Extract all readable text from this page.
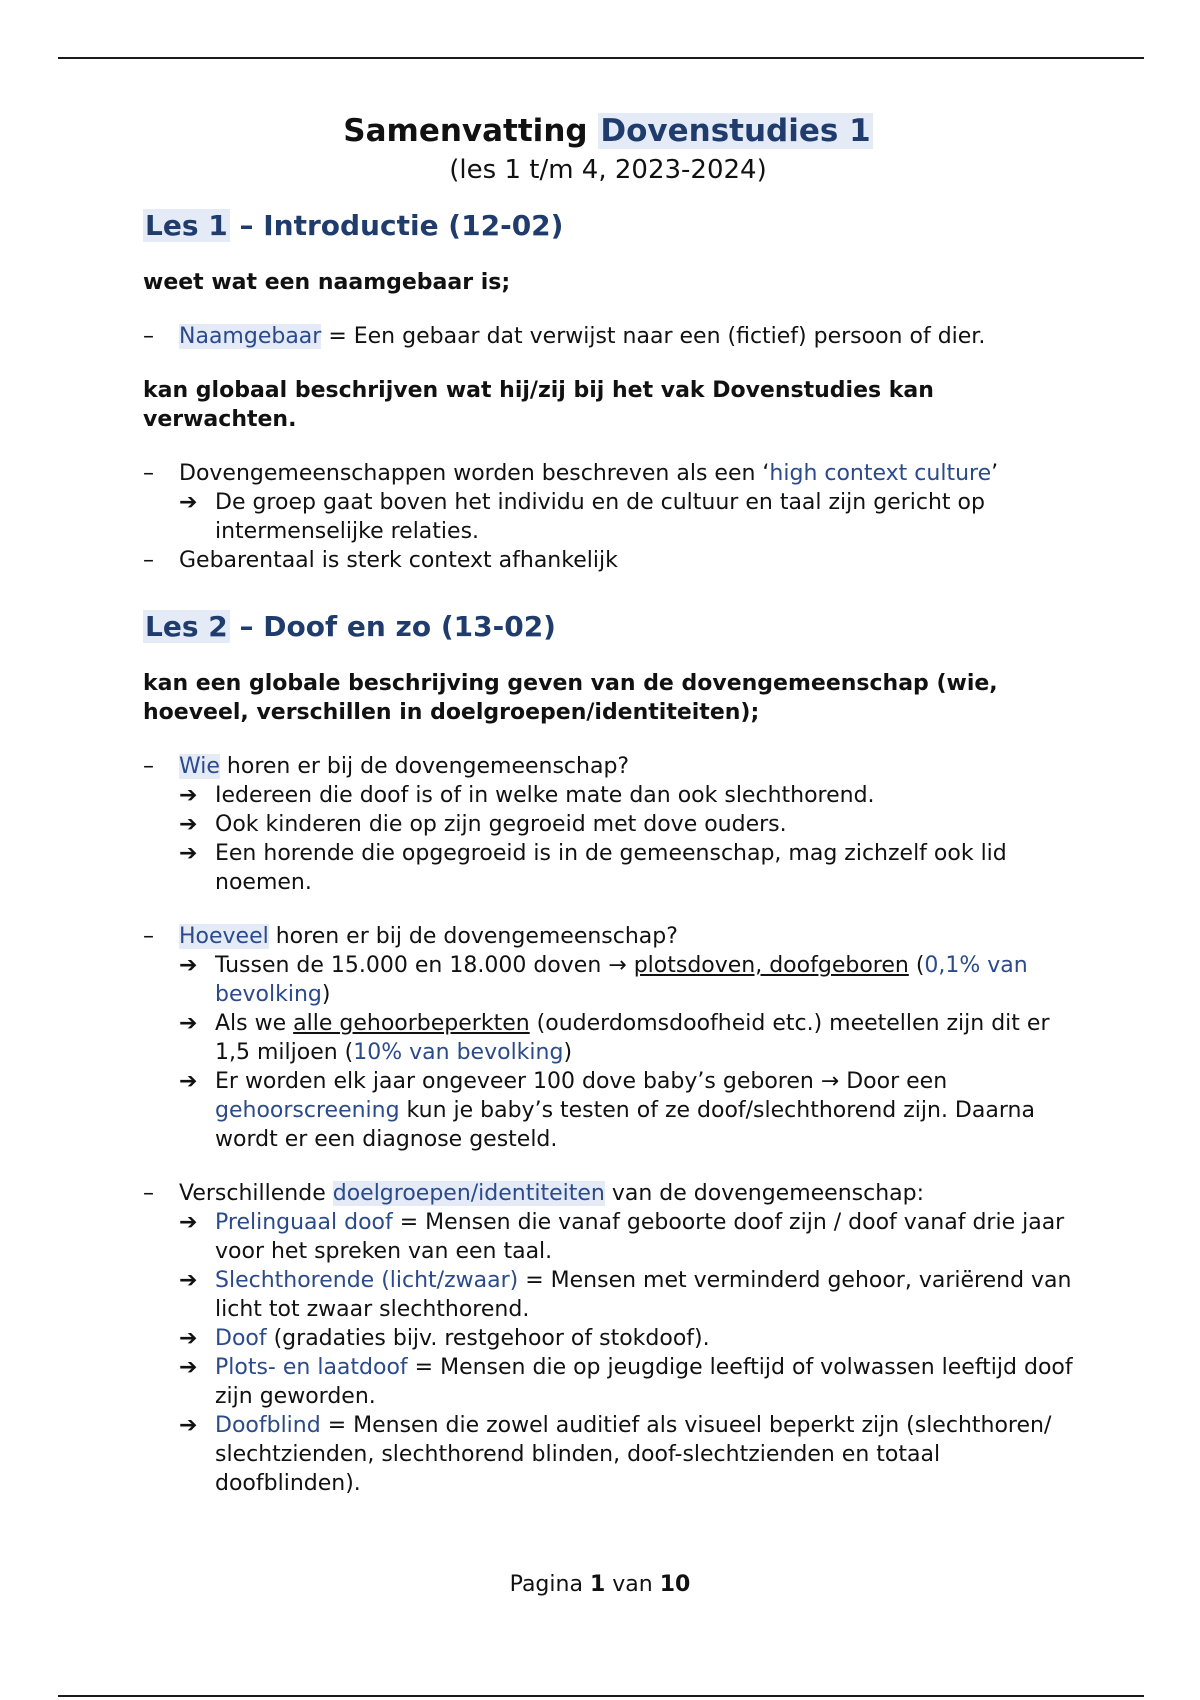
Samenvatting Dovenstudies 1

(les 1 t/m 4, 2023-2024)

Les 1 – Introductie (12-02)

weet wat een naamgebaar is;

– Naamgebaar = Een gebaar dat verwijst naar een (fictief) persoon of dier.

kan globaal beschrijven wat hij/zij bij het vak Dovenstudies kan verwachten.

– Dovengemeenschappen worden beschreven als een ‘high context culture’
➔ De groep gaat boven het individu en de cultuur en taal zijn gericht op intermenselijke relaties.
– Gebarentaal is sterk context afhankelijk
Les 2 – Doof en zo (13-02)

kan een globale beschrijving geven van de dovengemeenschap (wie, hoeveel, verschillen in doelgroepen/identiteiten);

– Wie horen er bij de dovengemeenschap?
➔ Iedereen die doof is of in welke mate dan ook slechthorend.
➔ Ook kinderen die op zijn gegroeid met dove ouders.
➔ Een horende die opgegroeid is in de gemeenschap, mag zichzelf ook lid noemen.
– Hoeveel horen er bij de dovengemeenschap?
➔ Tussen de 15.000 en 18.000 doven → plotsdoven, doofgeboren (0,1% van bevolking)
➔ Als we alle gehoorbeperkten (ouderdomsdoofheid etc.) meetellen zijn dit er 1,5 miljoen (10% van bevolking)
➔ Er worden elk jaar ongeveer 100 dove baby’s geboren → Door een gehoorscreening kun je baby’s testen of ze doof/slechthorend zijn. Daarna wordt er een diagnose gesteld.
– Verschillende doelgroepen/identiteiten van de dovengemeenschap:
➔ Prelinguaal doof = Mensen die vanaf geboorte doof zijn / doof vanaf drie jaar voor het spreken van een taal.
➔ Slechthorende (licht/zwaar) = Mensen met verminderd gehoor, variërend van licht tot zwaar slechthorend.
➔ Doof (gradaties bijv. restgehoor of stokdoof).
➔ Plots- en laatdoof = Mensen die op jeugdige leeftijd of volwassen leeftijd doof zijn geworden.
➔ Doofblind = Mensen die zowel auditief als visueel beperkt zijn (slechthoren/ slechtzienden, slechthorend blinden, doof-slechtzienden en totaal doofblinden).
Pagina 1 van 10
